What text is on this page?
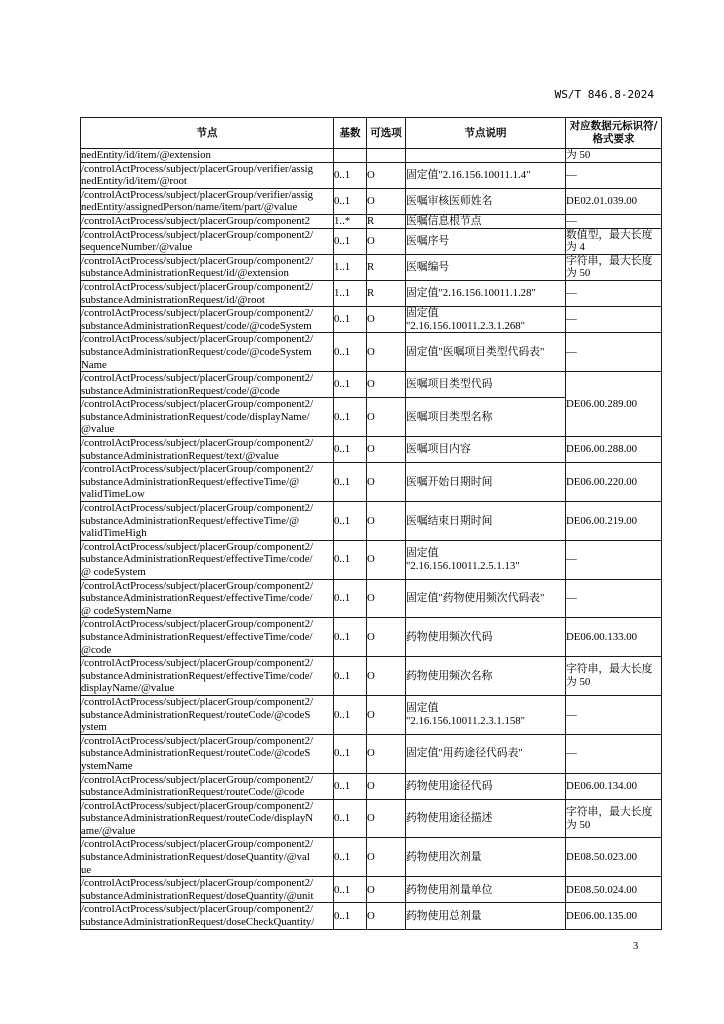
WS/T 846.8-2024
节点	基数	可选项	节点说明	对应数据元标识符/
格式要求

nedEntity/id/item/@extension				为 50

/controlActProcess/subject/placerGroup/verifier/assig
nedEntity/id/item/@root	0..1	O	固定值"2.16.156.10011.1.4"	—

/controlActProcess/subject/placerGroup/verifier/assig
nedEntity/assignedPerson/name/item/part/@value	0..1	O	医嘱审核医师姓名	DE02.01.039.00

/controlActProcess/subject/placerGroup/component2	1..*	R	医嘱信息根节点	—

/controlActProcess/subject/placerGroup/component2/
sequenceNumber/@value	0..1	O	医嘱序号	数值型，最大长度
为 4

/controlActProcess/subject/placerGroup/component2/
substanceAdministrationRequest/id/@extension	1..1	R	医嘱编号	字符串，最大长度
为 50

/controlActProcess/subject/placerGroup/component2/
substanceAdministrationRequest/id/@root	1..1	R	固定值"2.16.156.10011.1.28"	—

/controlActProcess/subject/placerGroup/component2/
substanceAdministrationRequest/code/@codeSystem	0..1	O	固定值
"2.16.156.10011.2.3.1.268"	—

/controlActProcess/subject/placerGroup/component2/
substanceAdministrationRequest/code/@codeSystem
Name	0..1	O	固定值"医嘱项目类型代码表"	—

/controlActProcess/subject/placerGroup/component2/
substanceAdministrationRequest/code/@code	0..1	O	医嘱项目类型代码	DE06.00.289.00

/controlActProcess/subject/placerGroup/component2/
substanceAdministrationRequest/code/displayName/
@value	0..1	O	医嘱项目类型名称	

/controlActProcess/subject/placerGroup/component2/
substanceAdministrationRequest/text/@value	0..1	O	医嘱项目内容	DE06.00.288.00

/controlActProcess/subject/placerGroup/component2/
substanceAdministrationRequest/effectiveTime/@
validTimeLow	0..1	O	医嘱开始日期时间	DE06.00.220.00

/controlActProcess/subject/placerGroup/component2/
substanceAdministrationRequest/effectiveTime/@
validTimeHigh	0..1	O	医嘱结束日期时间	DE06.00.219.00

/controlActProcess/subject/placerGroup/component2/
substanceAdministrationRequest/effectiveTime/code/
@ codeSystem	0..1	O	固定值
"2.16.156.10011.2.5.1.13"	—

/controlActProcess/subject/placerGroup/component2/
substanceAdministrationRequest/effectiveTime/code/
@ codeSystemName	0..1	O	固定值"药物使用频次代码表"	—

/controlActProcess/subject/placerGroup/component2/
substanceAdministrationRequest/effectiveTime/code/
@code	0..1	O	药物使用频次代码	DE06.00.133.00

/controlActProcess/subject/placerGroup/component2/
substanceAdministrationRequest/effectiveTime/code/
displayName/@value	0..1	O	药物使用频次名称	字符串，最大长度
为 50

/controlActProcess/subject/placerGroup/component2/
substanceAdministrationRequest/routeCode/@codeS
ystem	0..1	O	固定值
"2.16.156.10011.2.3.1.158"	—

/controlActProcess/subject/placerGroup/component2/
substanceAdministrationRequest/routeCode/@codeS
ystemName	0..1	O	固定值"用药途径代码表"	—

/controlActProcess/subject/placerGroup/component2/
substanceAdministrationRequest/routeCode/@code	0..1	O	药物使用途径代码	DE06.00.134.00

/controlActProcess/subject/placerGroup/component2/
substanceAdministrationRequest/routeCode/displayN
ame/@value	0..1	O	药物使用途径描述	字符串，最大长度
为 50

/controlActProcess/subject/placerGroup/component2/
substanceAdministrationRequest/doseQuantity/@val
ue	0..1	O	药物使用次剂量	DE08.50.023.00

/controlActProcess/subject/placerGroup/component2/
substanceAdministrationRequest/doseQuantity/@unit	0..1	O	药物使用剂量单位	DE08.50.024.00

/controlActProcess/subject/placerGroup/component2/
substanceAdministrationRequest/doseCheckQuantity/	0..1	O	药物使用总剂量	DE06.00.135.00
3
